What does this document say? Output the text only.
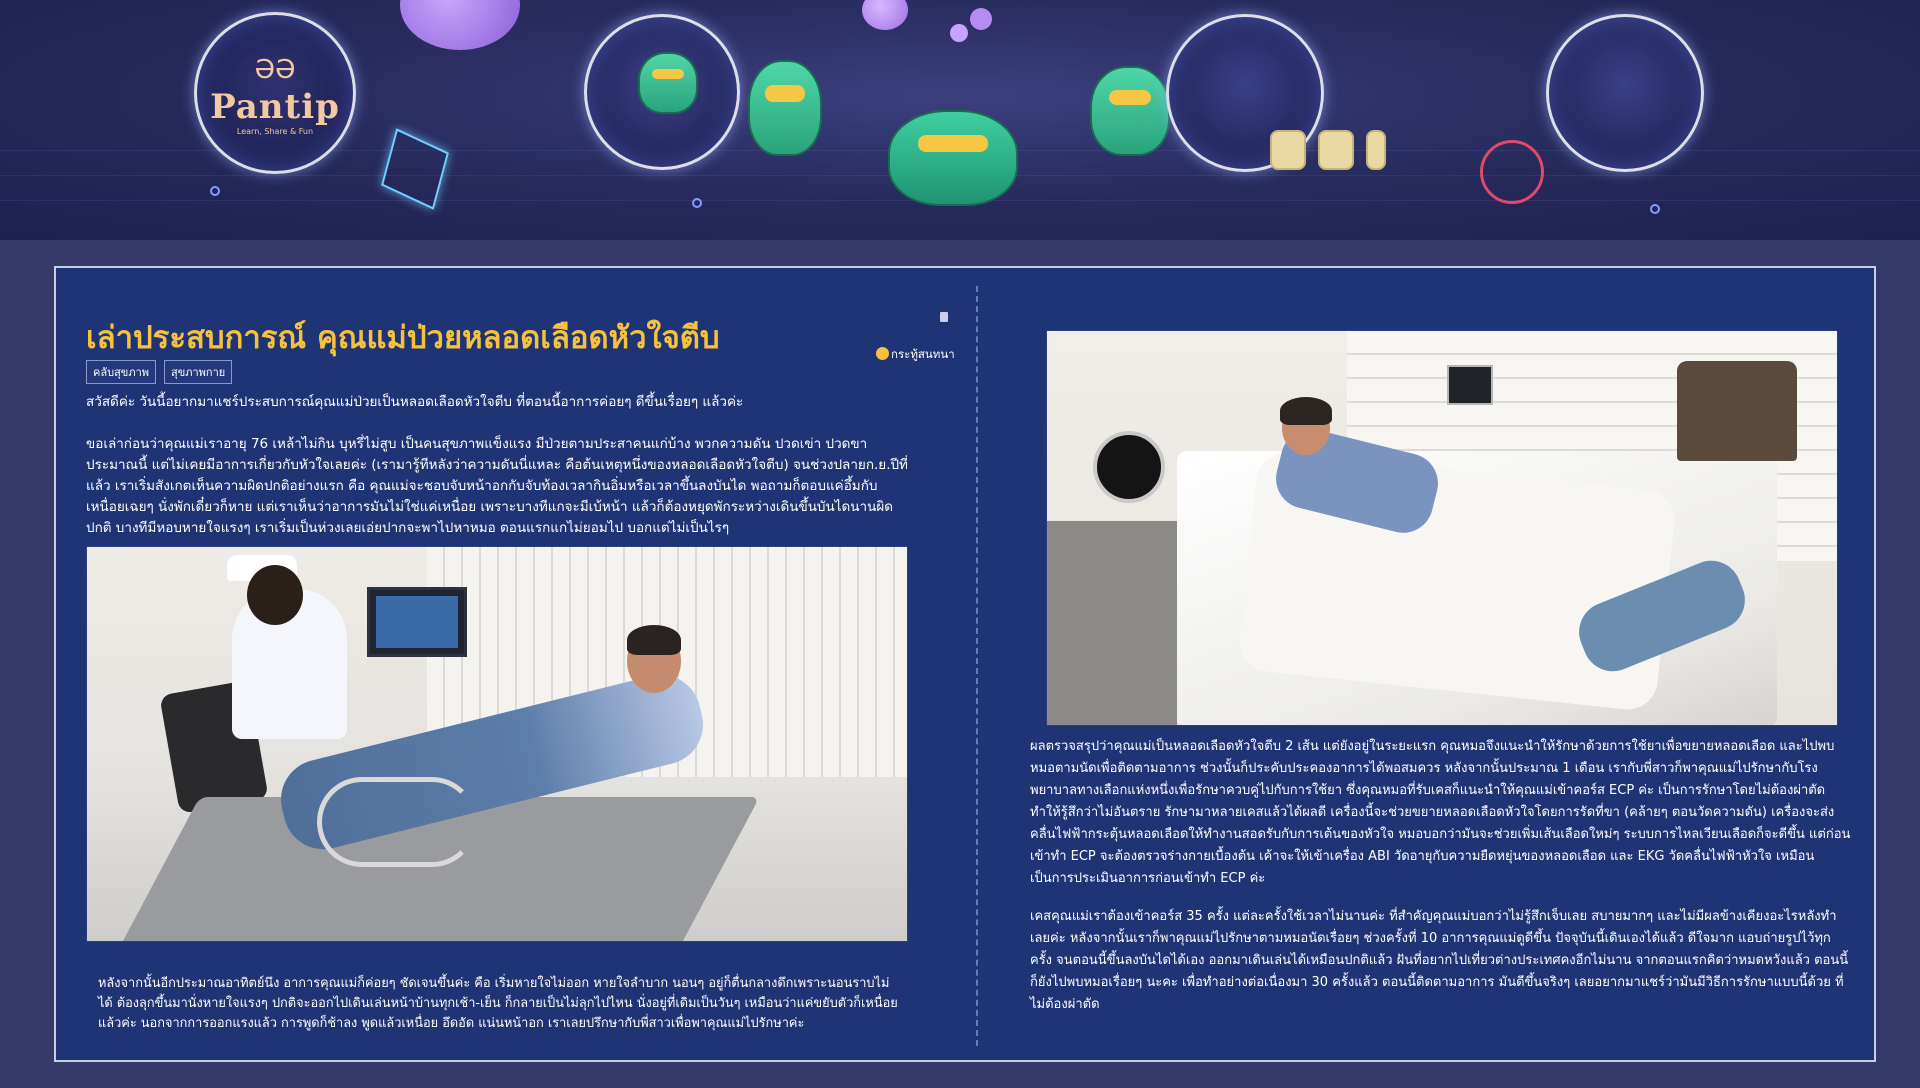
ƏƏ
Pantip
Learn, Share & Fun
เล่าประสบการณ์ คุณแม่ป่วยหลอดเลือดหัวใจตีบ	กระทู้สนทนา
คลับสุขภาพ	สุขภาพกาย
สวัสดีค่ะ วันนี้อยากมาแชร์ประสบการณ์คุณแม่ป่วยเป็นหลอดเลือดหัวใจตีบ ที่ตอนนี้อาการค่อยๆ ดีขึ้นเรื่อยๆ แล้วค่ะ
ขอเล่าก่อนว่าคุณแม่เราอายุ 76 เหล้าไม่กิน บุหรี่ไม่สูบ เป็นคนสุขภาพแข็งแรง มีป่วยตามประสาคนแก่บ้าง พวกความดัน ปวดเข่า ปวดขาประมาณนี้ แต่ไม่เคยมีอาการเกี่ยวกับหัวใจเลยค่ะ (เรามารู้ทีหลังว่าความดันนี่แหละ คือต้นเหตุหนึ่งของหลอดเลือดหัวใจตีบ) จนช่วงปลายก.ย.ปีที่แล้ว เราเริ่มสังเกตเห็นความผิดปกติอย่างแรก คือ คุณแม่จะชอบจับหน้าอกกับจับท้องเวลากินอิ่มหรือเวลาขึ้นลงบันได พอถามก็ตอบแค่อึ้มกับเหนื่อยเฉยๆ นั่งพักเดี๋ยวก็หาย แต่เราเห็นว่าอาการมันไม่ใช่แค่เหนื่อย เพราะบางทีแกจะมีเบ้หน้า แล้วก็ต้องหยุดพักระหว่างเดินขึ้นบันไดนานผิดปกติ บางทีมีหอบหายใจแรงๆ เราเริ่มเป็นห่วงเลยเอ่ยปากจะพาไปหาหมอ ตอนแรกแกไม่ยอมไป บอกแต่ไม่เป็นไรๆ
หลังจากนั้นอีกประมาณอาทิตย์นึง อาการคุณแม่ก็ค่อยๆ ชัดเจนขึ้นค่ะ คือ เริ่มหายใจไม่ออก หายใจลำบาก นอนๆ อยู่ก็ตื่นกลางดึกเพราะนอนราบไม่ได้ ต้องลุกขึ้นมานั่งหายใจแรงๆ ปกติจะออกไปเดินเล่นหน้าบ้านทุกเช้า-เย็น ก็กลายเป็นไม่ลุกไปไหน นั่งอยู่ที่เดิมเป็นวันๆ เหมือนว่าแค่ขยับตัวก็เหนื่อยแล้วค่ะ นอกจากการออกแรงแล้ว การพูดก็ช้าลง พูดแล้วเหนื่อย อึดอัด แน่นหน้าอก เราเลยปรึกษากับพี่สาวเพื่อพาคุณแม่ไปรักษาค่ะ
ผลตรวจสรุปว่าคุณแม่เป็นหลอดเลือดหัวใจตีบ 2 เส้น แต่ยังอยู่ในระยะแรก คุณหมอจึงแนะนำให้รักษาด้วยการใช้ยาเพื่อขยายหลอดเลือด และไปพบหมอตามนัดเพื่อติดตามอาการ ช่วงนั้นก็ประคับประคองอาการได้พอสมควร หลังจากนั้นประมาณ 1 เดือน เรากับพี่สาวก็พาคุณแม่ไปรักษากับโรงพยาบาลทางเลือกแห่งหนึ่งเพื่อรักษาควบคู่ไปกับการใช้ยา ซึ่งคุณหมอที่รับเคสก็แนะนำให้คุณแม่เข้าคอร์ส ECP ค่ะ เป็นการรักษาโดยไม่ต้องผ่าตัด ทำให้รู้สึกว่าไม่อันตราย รักษามาหลายเคสแล้วได้ผลดี เครื่องนี้จะช่วยขยายหลอดเลือดหัวใจโดยการรัดที่ขา (คล้ายๆ ตอนวัดความดัน) เครื่องจะส่งคลื่นไฟฟ้ากระตุ้นหลอดเลือดให้ทำงานสอดรับกับการเต้นของหัวใจ หมอบอกว่ามันจะช่วยเพิ่มเส้นเลือดใหม่ๆ ระบบการไหลเวียนเลือดก็จะดีขึ้น แต่ก่อนเข้าทำ ECP จะต้องตรวจร่างกายเบื้องต้น เค้าจะให้เข้าเครื่อง ABI วัดอายุกับความยืดหยุ่นของหลอดเลือด และ EKG วัดคลื่นไฟฟ้าหัวใจ เหมือนเป็นการประเมินอาการก่อนเข้าทำ ECP ค่ะ
เคสคุณแม่เราต้องเข้าคอร์ส 35 ครั้ง แต่ละครั้งใช้เวลาไม่นานค่ะ ที่สำคัญคุณแม่บอกว่าไม่รู้สึกเจ็บเลย สบายมากๆ และไม่มีผลข้างเคียงอะไรหลังทำเลยค่ะ หลังจากนั้นเราก็พาคุณแม่ไปรักษาตามหมอนัดเรื่อยๆ ช่วงครั้งที่ 10 อาการคุณแม่ดูดีขึ้น ปัจจุบันนี้เดินเองได้แล้ว ดีใจมาก แอบถ่ายรูปไว้ทุกครั้ง จนตอนนี้ขึ้นลงบันไดได้เอง ออกมาเดินเล่นได้เหมือนปกติแล้ว ฝันที่อยากไปเที่ยวต่างประเทศคงอีกไม่นาน จากตอนแรกคิดว่าหมดหวังแล้ว ตอนนี้ก็ยังไปพบหมอเรื่อยๆ นะคะ เพื่อทำอย่างต่อเนื่องมา 30 ครั้งแล้ว ตอนนี้ติดตามอาการ มันดีขึ้นจริงๆ เลยอยากมาแชร์ว่ามันมีวิธีการรักษาแบบนี้ด้วย ที่ไม่ต้องผ่าตัด
